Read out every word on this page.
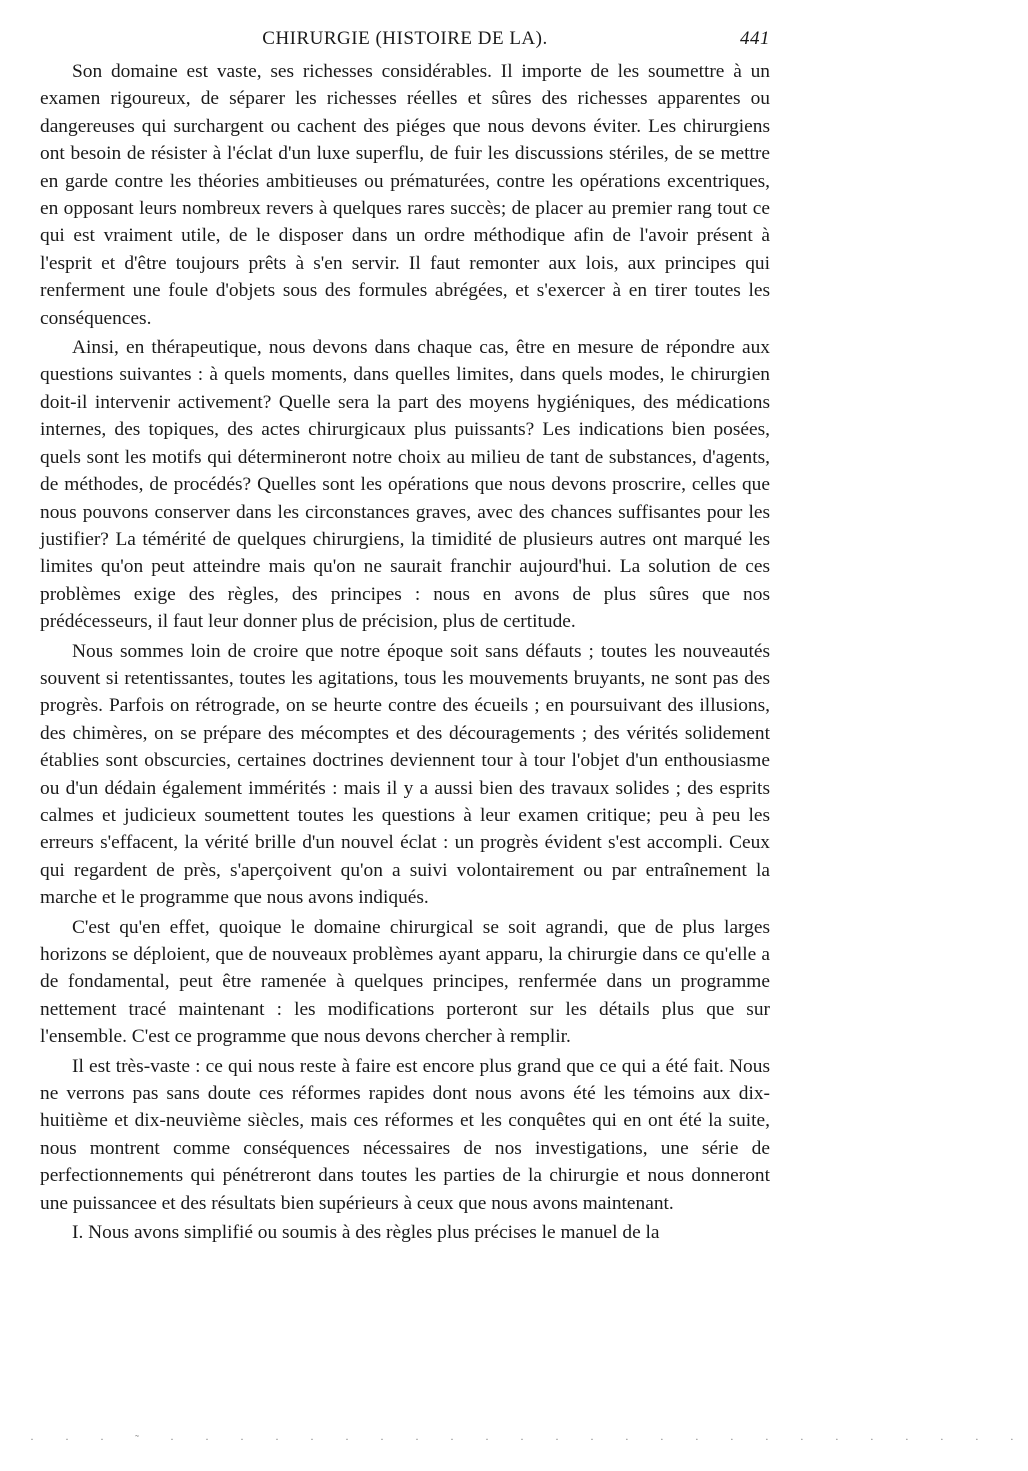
CHIRURGIE (HISTOIRE DE LA).	441

Son domaine est vaste, ses richesses considérables. Il importe de les soumettre à un examen rigoureux, de séparer les richesses réelles et sûres des richesses apparentes ou dangereuses qui surchargent ou cachent des piéges que nous devons éviter. Les chirurgiens ont besoin de résister à l'éclat d'un luxe superflu, de fuir les discussions stériles, de se mettre en garde contre les théories ambitieuses ou prématurées, contre les opérations excentriques, en opposant leurs nombreux revers à quelques rares succès; de placer au premier rang tout ce qui est vraiment utile, de le disposer dans un ordre méthodique afin de l'avoir présent à l'esprit et d'être toujours prêts à s'en servir. Il faut remonter aux lois, aux principes qui renferment une foule d'objets sous des formules abrégées, et s'exercer à en tirer toutes les conséquences.

Ainsi, en thérapeutique, nous devons dans chaque cas, être en mesure de répondre aux questions suivantes : à quels moments, dans quelles limites, dans quels modes, le chirurgien doit-il intervenir activement? Quelle sera la part des moyens hygiéniques, des médications internes, des topiques, des actes chirurgicaux plus puissants? Les indications bien posées, quels sont les motifs qui détermineront notre choix au milieu de tant de substances, d'agents, de méthodes, de procédés? Quelles sont les opérations que nous devons proscrire, celles que nous pouvons conserver dans les circonstances graves, avec des chances suffisantes pour les justifier? La témérité de quelques chirurgiens, la timidité de plusieurs autres ont marqué les limites qu'on peut atteindre mais qu'on ne saurait franchir aujourd'hui. La solution de ces problèmes exige des règles, des principes : nous en avons de plus sûres que nos prédécesseurs, il faut leur donner plus de précision, plus de certitude.

Nous sommes loin de croire que notre époque soit sans défauts ; toutes les nouveautés souvent si retentissantes, toutes les agitations, tous les mouvements bruyants, ne sont pas des progrès. Parfois on rétrograde, on se heurte contre des écueils ; en poursuivant des illusions, des chimères, on se prépare des mécomptes et des découragements ; des vérités solidement établies sont obscurcies, certaines doctrines deviennent tour à tour l'objet d'un enthousiasme ou d'un dédain également immérités : mais il y a aussi bien des travaux solides ; des esprits calmes et judicieux soumettent toutes les questions à leur examen critique; peu à peu les erreurs s'effacent, la vérité brille d'un nouvel éclat : un progrès évident s'est accompli. Ceux qui regardent de près, s'aperçoivent qu'on a suivi volontairement ou par entraînement la marche et le programme que nous avons indiqués.

C'est qu'en effet, quoique le domaine chirurgical se soit agrandi, que de plus larges horizons se déploient, que de nouveaux problèmes ayant apparu, la chirurgie dans ce qu'elle a de fondamental, peut être ramenée à quelques principes, renfermée dans un programme nettement tracé maintenant : les modifications porteront sur les détails plus que sur l'ensemble. C'est ce programme que nous devons chercher à remplir.

Il est très-vaste : ce qui nous reste à faire est encore plus grand que ce qui a été fait. Nous ne verrons pas sans doute ces réformes rapides dont nous avons été les témoins aux dix-huitième et dix-neuvième siècles, mais ces réformes et les conquêtes qui en ont été la suite, nous montrent comme conséquences nécessaires de nos investigations, une série de perfectionnements qui pénétreront dans toutes les parties de la chirurgie et nous donneront une puissancee et des résultats bien supérieurs à ceux que nous avons maintenant.

I. Nous avons simplifié ou soumis à des règles plus précises le manuel de la

· · · ˜ · · · · · · · · · · · · · · · · · · · · · · · · ·
